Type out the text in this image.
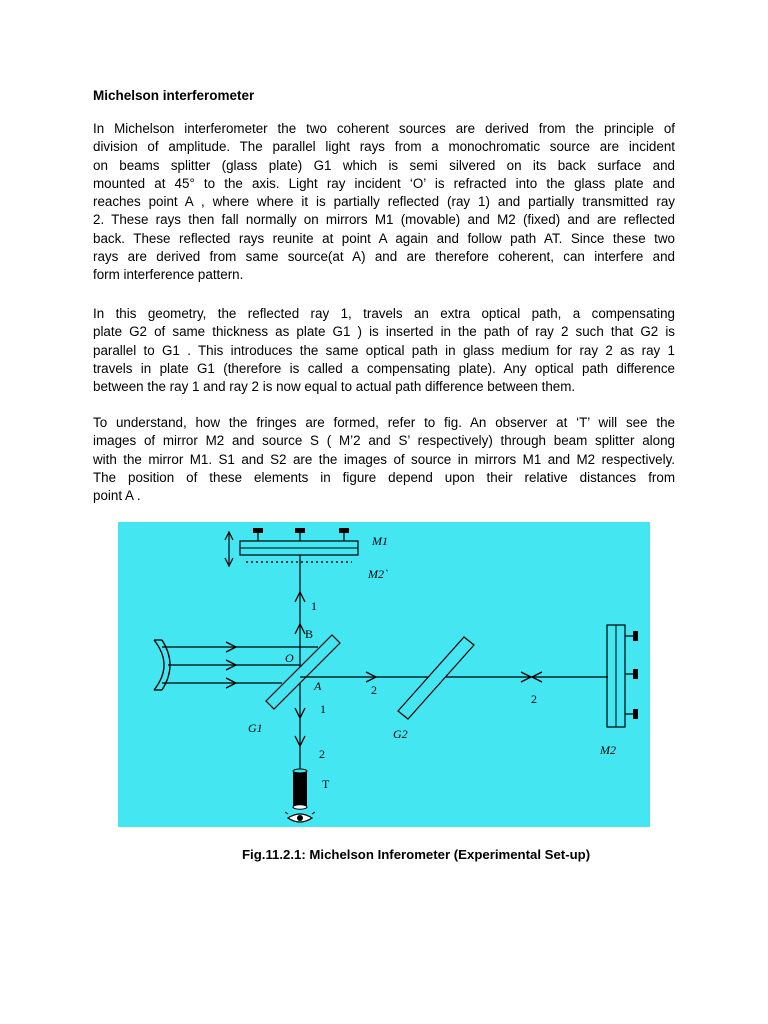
Michelson interferometer
In Michelson interferometer the two coherent sources are derived from the principle of
division of amplitude. The parallel light rays from a monochromatic source are incident
on beams splitter (glass plate) G1 which is semi silvered on its back surface and
mounted at 45° to the axis. Light ray incident ‘O’ is refracted into the glass plate and
reaches point A , where where it is partially reflected (ray 1) and partially transmitted ray
2. These rays then fall normally on mirrors M1 (movable) and M2 (fixed) and are reflected
back. These reflected rays reunite at point A again and follow path AT. Since these two
rays are derived from same source(at A) and are therefore coherent, can interfere and
form interference pattern.
In this geometry, the reflected ray 1, travels an extra optical path, a compensating
plate G2 of same thickness as plate G1 ) is inserted in the path of ray 2 such that G2 is
parallel to G1 . This introduces the same optical path in glass medium for ray 2 as ray 1
travels in plate G1 (therefore is called a compensating plate). Any optical path difference
between the ray 1 and ray 2 is now equal to actual path difference between them.
To understand, how the fringes are formed, refer to fig. An observer at ‘T’ will see the
images of mirror M2 and source S ( M’2 and S’ respectively) through beam splitter along
with the mirror M1. S1 and S2 are the images of source in mirrors M1 and M2 respectively.
The position of these elements in figure depend upon their relative distances from
point A .
M1
M2`
1
B
O
A
1
2
2
2
G1	G2
M2
T
Fig.11.2.1: Michelson Inferometer (Experimental Set-up)
